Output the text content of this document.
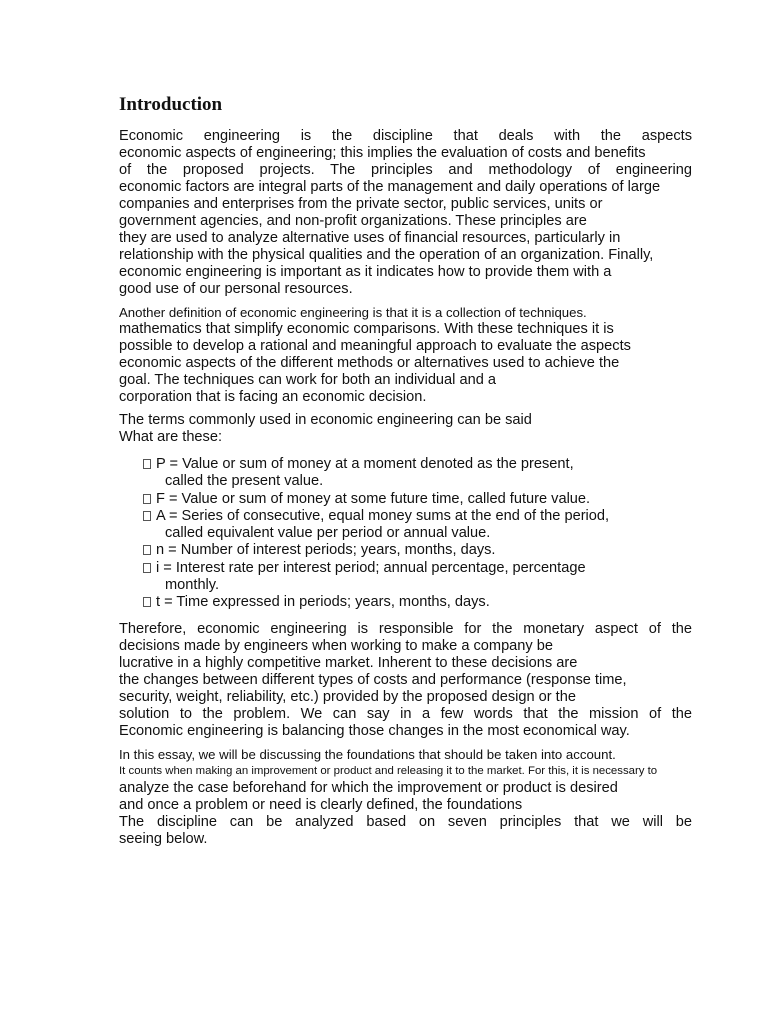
Introduction
Economic engineering is the discipline that deals with the aspects
economic aspects of engineering; this implies the evaluation of costs and benefits
of the proposed projects. The principles and methodology of engineering
economic factors are integral parts of the management and daily operations of large
companies and enterprises from the private sector, public services, units or
government agencies, and non-profit organizations. These principles are
they are used to analyze alternative uses of financial resources, particularly in
relationship with the physical qualities and the operation of an organization. Finally,
economic engineering is important as it indicates how to provide them with a
good use of our personal resources.
Another definition of economic engineering is that it is a collection of techniques.
mathematics that simplify economic comparisons. With these techniques it is
possible to develop a rational and meaningful approach to evaluate the aspects
economic aspects of the different methods or alternatives used to achieve the
goal. The techniques can work for both an individual and a
corporation that is facing an economic decision.
The terms commonly used in economic engineering can be said
What are these:
P = Value or sum of money at a moment denoted as the present,
called the present value.
F = Value or sum of money at some future time, called future value.
A = Series of consecutive, equal money sums at the end of the period,
called equivalent value per period or annual value.
n = Number of interest periods; years, months, days.
i = Interest rate per interest period; annual percentage, percentage
monthly.
t = Time expressed in periods; years, months, days.
Therefore, economic engineering is responsible for the monetary aspect of the
decisions made by engineers when working to make a company be
lucrative in a highly competitive market. Inherent to these decisions are
the changes between different types of costs and performance (response time,
security, weight, reliability, etc.) provided by the proposed design or the
solution to the problem. We can say in a few words that the mission of the
Economic engineering is balancing those changes in the most economical way.
In this essay, we will be discussing the foundations that should be taken into account.
It counts when making an improvement or product and releasing it to the market. For this, it is necessary to
analyze the case beforehand for which the improvement or product is desired
and once a problem or need is clearly defined, the foundations
The discipline can be analyzed based on seven principles that we will be
seeing below.
